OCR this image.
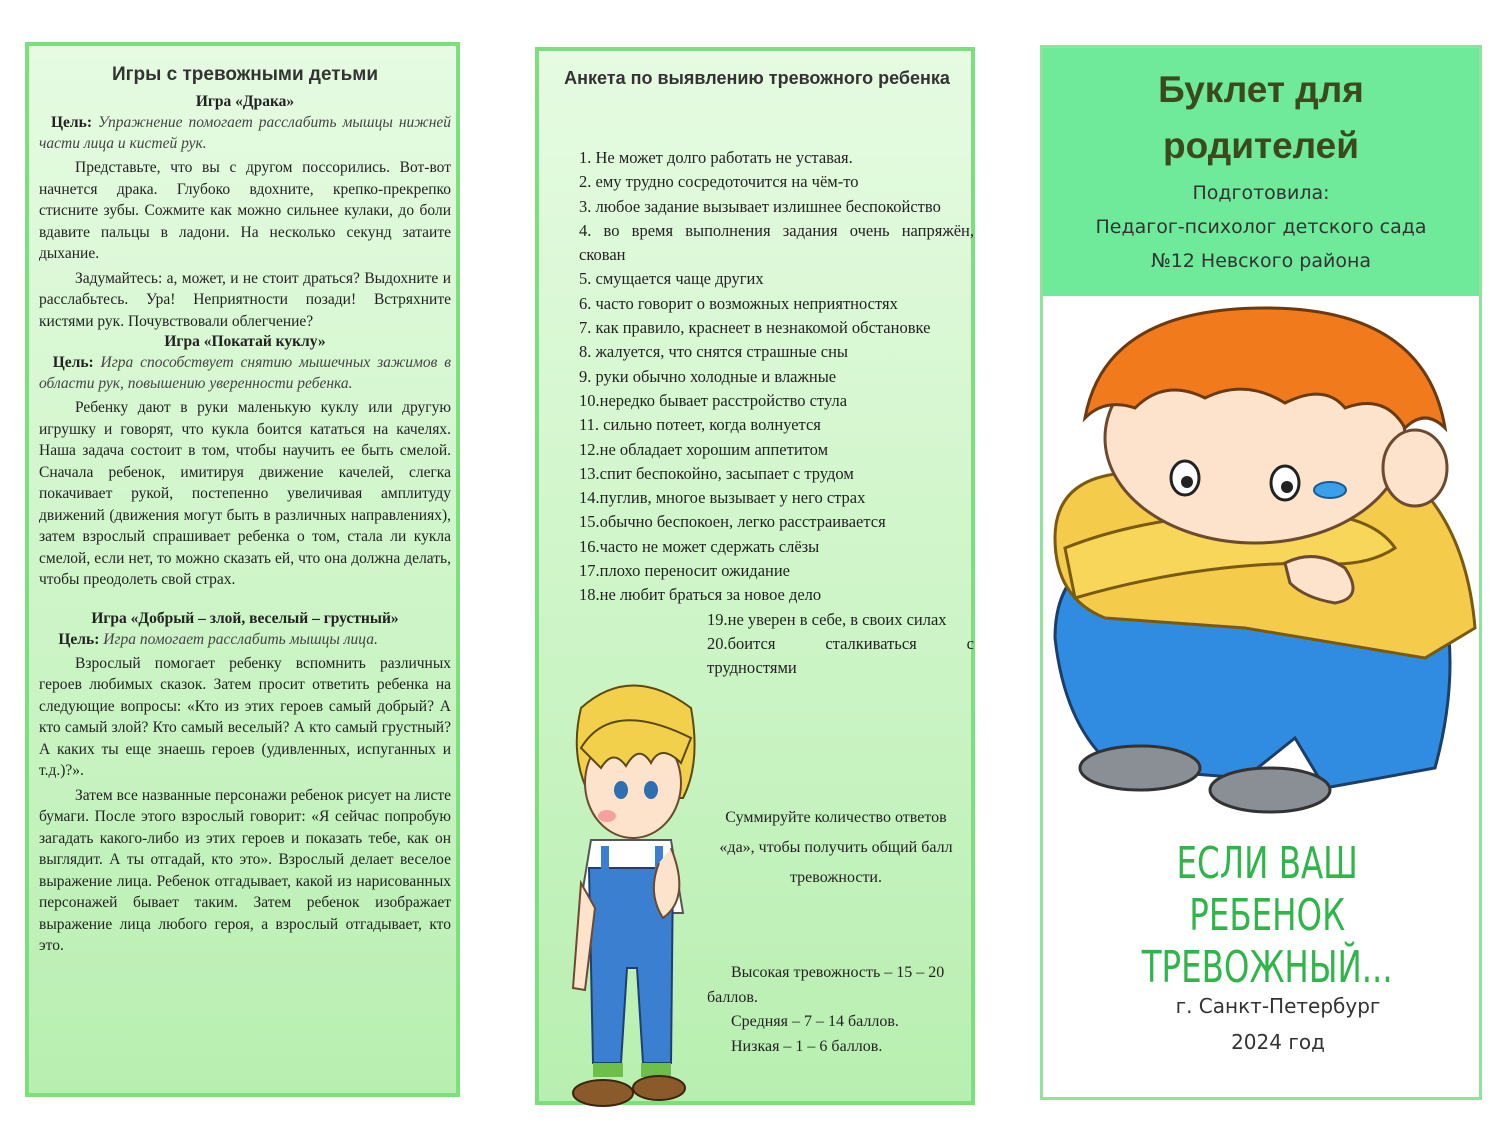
Игры с тревожными детьми
Игра «Драка»
Цель: Упражнение помогает расслабить мышцы нижней части лица и кистей рук.
Представьте, что вы с другом поссорились. Вот-вот начнется драка. Глубоко вдохните, крепко-прекрепко стисните зубы. Сожмите как можно сильнее кулаки, до боли вдавите пальцы в ладони. На несколько секунд затаите дыхание.
Задумайтесь: а, может, и не стоит драться? Выдохните и расслабьтесь. Ура! Неприятности позади! Встряхните кистями рук. Почувствовали облегчение?
Игра «Покатай куклу»
Цель: Игра способствует снятию мышечных зажимов в области рук, повышению уверенности ребенка.
Ребенку дают в руки маленькую куклу или другую игрушку и говорят, что кукла боится кататься на качелях. Наша задача состоит в том, чтобы научить ее быть смелой. Сначала ребенок, имитируя движение качелей, слегка покачивает рукой, постепенно увеличивая амплитуду движений (движения могут быть в различных направлениях), затем взрослый спрашивает ребенка о том, стала ли кукла смелой, если нет, то можно сказать ей, что она должна делать, чтобы преодолеть свой страх.
Игра «Добрый – злой, веселый – грустный»
Цель: Игра помогает расслабить мышцы лица.
Взрослый помогает ребенку вспомнить различных героев любимых сказок. Затем просит ответить ребенка на следующие вопросы: «Кто из этих героев самый добрый? А кто самый злой? Кто самый веселый? А кто самый грустный? А каких ты еще знаешь героев (удивленных, испуганных и т.д.)?».
Затем все названные персонажи ребенок рисует на листе бумаги. После этого взрослый говорит: «Я сейчас попробую загадать какого-либо из этих героев и показать тебе, как он выглядит. А ты отгадай, кто это». Взрослый делает веселое выражение лица. Ребенок отгадывает, какой из нарисованных персонажей бывает таким. Затем ребенок изображает выражение лица любого героя, а взрослый отгадывает, кто это.
Анкета по выявлению тревожного ребенка
1. Не может долго работать не уставая.
2. ему трудно сосредоточится на чём-то
3. любое задание вызывает излишнее беспокойство
4. во время выполнения задания очень напряжён, скован
5. смущается чаще других
6. часто говорит о возможных неприятностях
7. как правило, краснеет в незнакомой обстановке
8. жалуется, что снятся страшные сны
9. руки обычно холодные и влажные
10.нередко бывает расстройство стула
11. сильно потеет, когда волнуется
12.не обладает хорошим аппетитом
13.спит беспокойно, засыпает с трудом
14.пуглив, многое вызывает у него страх
15.обычно беспокоен, легко расстраивается
16.часто не может сдержать слёзы
17.плохо переносит ожидание
18.не любит браться за новое дело
19.не уверен в себе, в своих силах
20.боится сталкиваться с трудностями
Суммируйте количество ответов «да», чтобы получить общий балл тревожности.
Высокая тревожность – 15 – 20 баллов.
Средняя – 7 – 14 баллов.
Низкая – 1 – 6 баллов.
Буклет для
родителей
Подготовила:
Педагог-психолог детского сада
№12 Невского района
ЕСЛИ ВАШ
РЕБЕНОК
ТРЕВОЖНЫЙ...
г. Санкт-Петербург
2024 год
